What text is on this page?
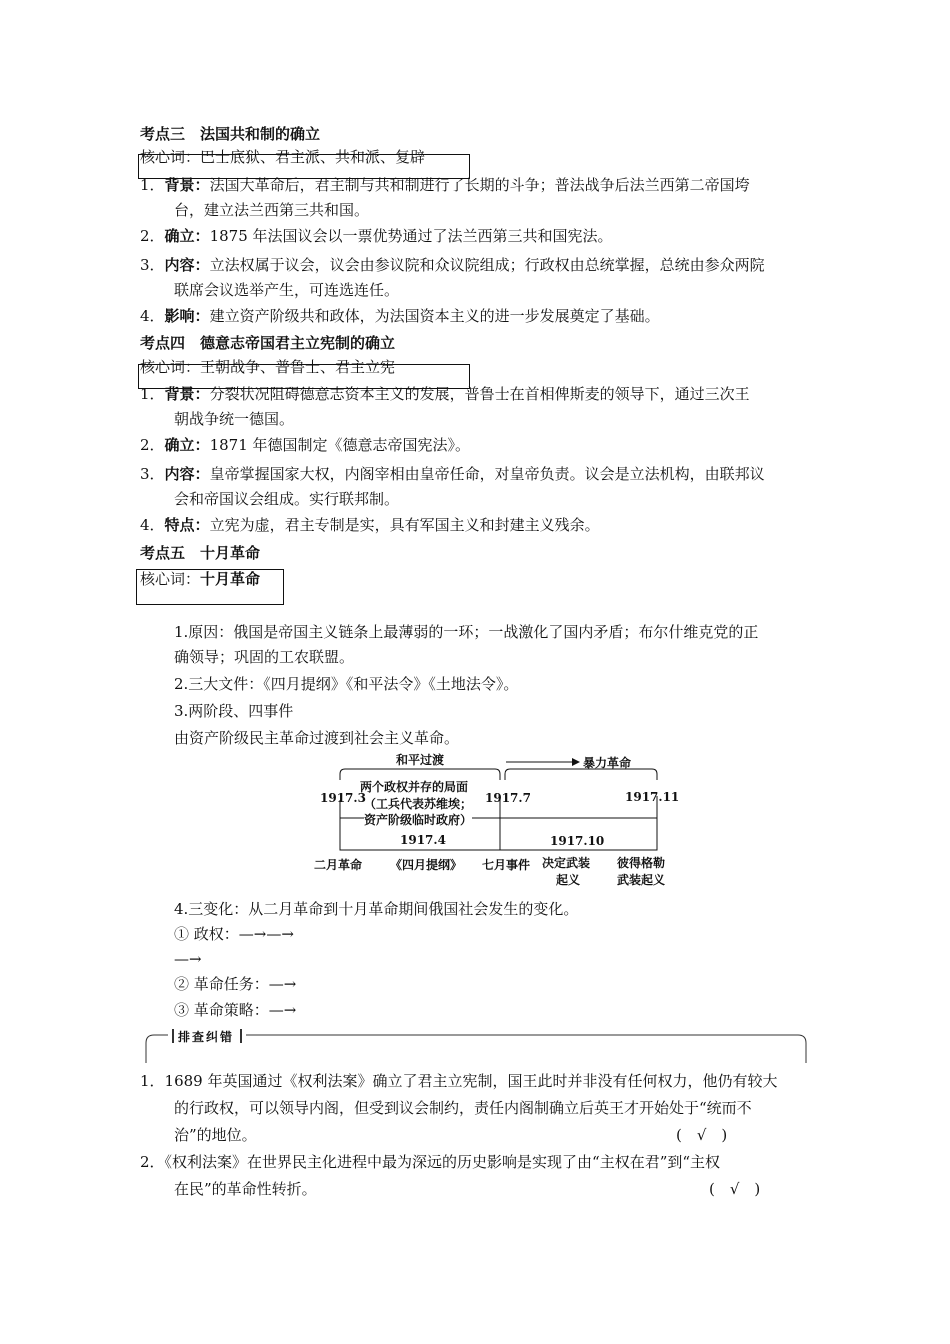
考点三　法国共和制的确立
核心词：巴士底狱、君主派、共和派、复辟
1．背景：法国大革命后，君主制与共和制进行了长期的斗争；普法战争后法兰西第二帝国垮
台，建立法兰西第三共和国。
2．确立：1875 年法国议会以一票优势通过了法兰西第三共和国宪法。
3．内容：立法权属于议会，议会由参议院和众议院组成；行政权由总统掌握，总统由参众两院
联席会议选举产生，可连选连任。
4．影响：建立资产阶级共和政体，为法国资本主义的进一步发展奠定了基础。
考点四　德意志帝国君主立宪制的确立
核心词：王朝战争、普鲁士、君主立宪
1．背景：分裂状况阻碍德意志资本主义的发展，普鲁士在首相俾斯麦的领导下，通过三次王
朝战争统一德国。
2．确立：1871 年德国制定《德意志帝国宪法》。
3．内容：皇帝掌握国家大权，内阁宰相由皇帝任命，对皇帝负责。议会是立法机构，由联邦议
会和帝国议会组成。实行联邦制。
4．特点：立宪为虚，君主专制是实，具有军国主义和封建主义残余。
考点五　十月革命
核心词：十月革命
1.原因：俄国是帝国主义链条上最薄弱的一环；一战激化了国内矛盾；布尔什维克党的正
确领导；巩固的工农联盟。
2.三大文件：《四月提纲》《和平法令》《土地法令》。
3.两阶段、四事件
由资产阶级民主革命过渡到社会主义革命。
和平过渡	暴力革命
两个政权并存的局面
（工兵代表苏维埃；
资产阶级临时政府）
1917.3	1917.7	1917.11
1917.4	1917.10
二月革命 《四月提纲》 七月事件 决定武装
起义
彼得格勒
武装起义
4.三变化：从二月革命到十月革命期间俄国社会发生的变化。
① 政权：—→—→
—→
② 革命任务：—→
③ 革命策略：—→
排查纠错
1．1689 年英国通过《权利法案》确立了君主立宪制，国王此时并非没有任何权力，他仍有较大
的行政权，可以领导内阁，但受到议会制约，责任内阁制确立后英王才开始处于“统而不
治”的地位。	(　√　)
2．《权利法案》在世界民主化进程中最为深远的历史影响是实现了由“主权在君”到“主权
在民”的革命性转折。	(　√　)
